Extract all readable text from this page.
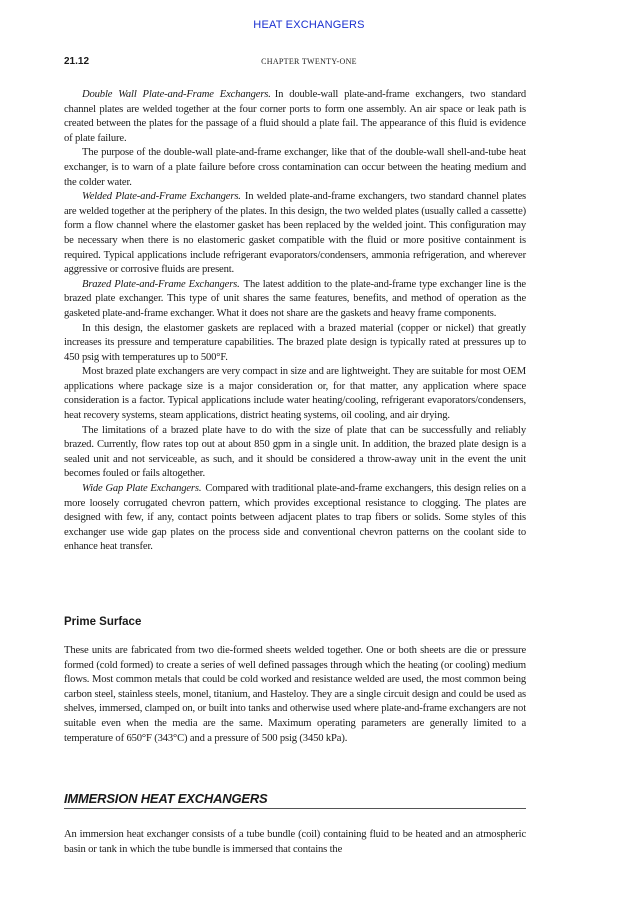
HEAT EXCHANGERS
21.12	CHAPTER TWENTY-ONE

Double Wall Plate-and-Frame Exchangers. In double-wall plate-and-frame exchangers, two standard channel plates are welded together at the four corner ports to form one assembly. An air space or leak path is created between the plates for the passage of a fluid should a plate fail. The appearance of this fluid is evidence of plate failure.

The purpose of the double-wall plate-and-frame exchanger, like that of the double-wall shell-and-tube heat exchanger, is to warn of a plate failure before cross contamination can occur between the heating medium and the colder water.

Welded Plate-and-Frame Exchangers. In welded plate-and-frame exchangers, two standard channel plates are welded together at the periphery of the plates. In this design, the two welded plates (usually called a cassette) form a flow channel where the elastomer gasket has been replaced by the welded joint. This configuration may be necessary when there is no elastomeric gasket compatible with the fluid or more positive containment is required. Typical applications include refrigerant evaporators/condensers, ammonia refrigeration, and wherever aggressive or corrosive fluids are present.

Brazed Plate-and-Frame Exchangers. The latest addition to the plate-and-frame type exchanger line is the brazed plate exchanger. This type of unit shares the same features, benefits, and method of operation as the gasketed plate-and-frame exchanger. What it does not share are the gaskets and heavy frame components.

In this design, the elastomer gaskets are replaced with a brazed material (copper or nickel) that greatly increases its pressure and temperature capabilities. The brazed plate design is typically rated at pressures up to 450 psig with temperatures up to 500°F.

Most brazed plate exchangers are very compact in size and are lightweight. They are suitable for most OEM applications where package size is a major consideration or, for that matter, any application where space consideration is a factor. Typical applications include water heating/cooling, refrigerant evaporators/condensers, heat recovery systems, steam applications, district heating systems, oil cooling, and air drying.

The limitations of a brazed plate have to do with the size of plate that can be successfully and reliably brazed. Currently, flow rates top out at about 850 gpm in a single unit. In addition, the brazed plate design is a sealed unit and not serviceable, as such, and it should be considered a throw-away unit in the event the unit becomes fouled or fails altogether.

Wide Gap Plate Exchangers. Compared with traditional plate-and-frame exchangers, this design relies on a more loosely corrugated chevron pattern, which provides exceptional resistance to clogging. The plates are designed with few, if any, contact points between adjacent plates to trap fibers or solids. Some styles of this exchanger use wide gap plates on the process side and conventional chevron patterns on the coolant side to enhance heat transfer.

Prime Surface

These units are fabricated from two die-formed sheets welded together. One or both sheets are die or pressure formed (cold formed) to create a series of well defined passages through which the heating (or cooling) medium flows. Most common metals that could be cold worked and resistance welded are used, the most common being carbon steel, stainless steels, monel, titanium, and Hasteloy. They are a single circuit design and could be used as shelves, immersed, clamped on, or built into tanks and otherwise used where plate-and-frame exchangers are not suitable even when the media are the same. Maximum operating parameters are generally limited to a temperature of 650°F (343°C) and a pressure of 500 psig (3450 kPa).

IMMERSION HEAT EXCHANGERS

An immersion heat exchanger consists of a tube bundle (coil) containing fluid to be heated and an atmospheric basin or tank in which the tube bundle is immersed that contains the
